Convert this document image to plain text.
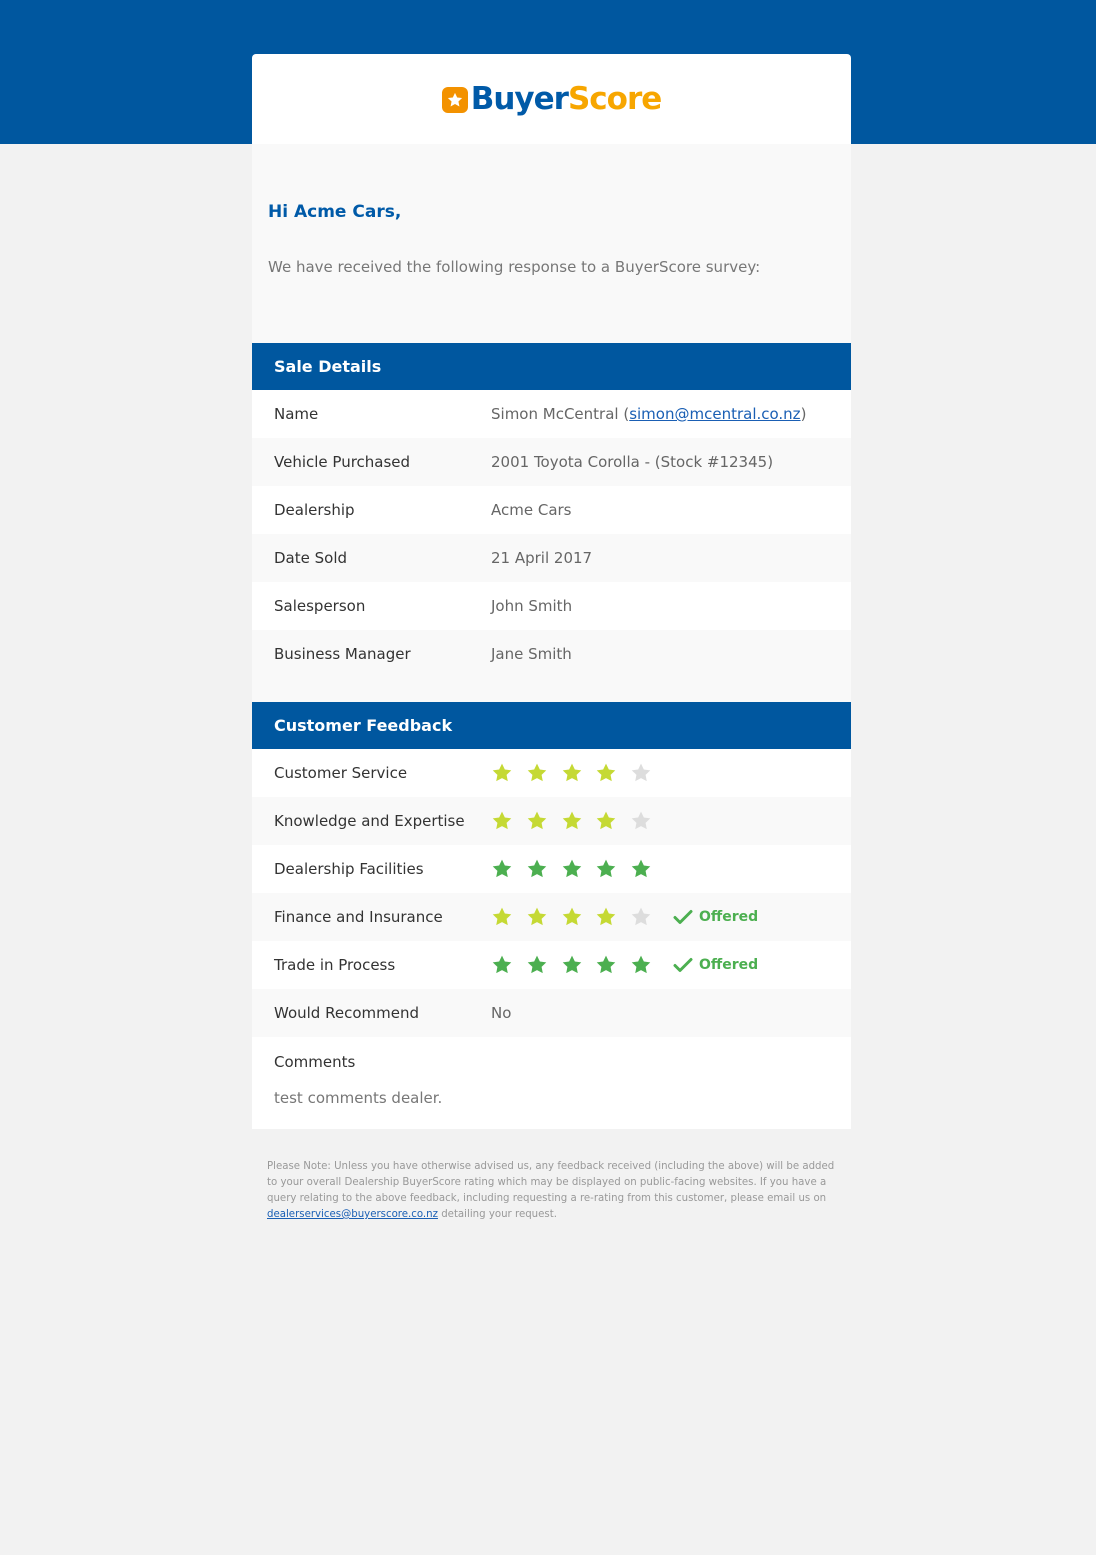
Buyer Score
Hi Acme Cars,
We have received the following response to a BuyerScore survey:
Sale Details
Name	Simon McCentral
( simon@mcentral.co.nz )
Vehicle Purchased	2001 Toyota Corolla - (Stock #12345)
Dealership	Acme Cars
Date Sold	21 April 2017
Salesperson	John Smith
Business Manager	Jane Smith
Customer Feedback
Customer Service
Knowledge and Expertise
Dealership Facilities
Finance and Insurance	Offered
Trade in Process	Offered
Would Recommend	No
Comments
test comments dealer.
Please Note: Unless you have otherwise advised us, any feedback received (including the above) will be added to your overall Dealership BuyerScore rating which may be displayed on public-facing websites. If you have a query relating to the above feedback, including requesting a re-rating from this customer, please email us on dealerservices@buyerscore.co.nz detailing your request.
